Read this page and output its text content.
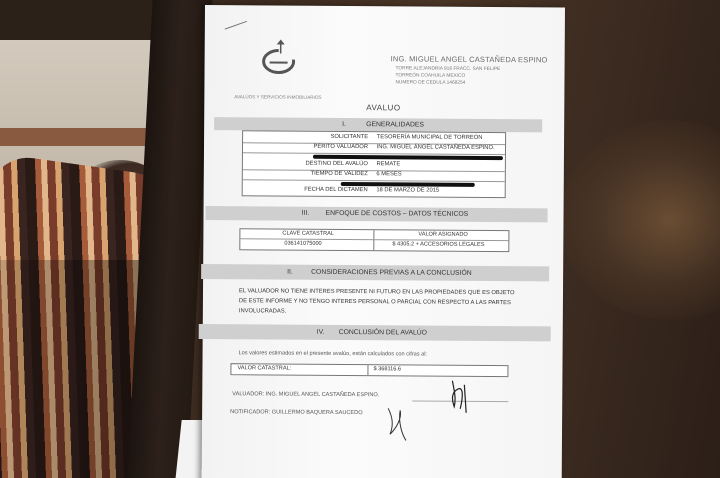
ING. MIGUEL ANGEL CASTAÑEDA ESPINO
TORRE ALEJANDRIA 916 FRACC. SAN FELIPE
TORREÓN COAHUILA MEXICO
NUMERO DE CEDULA 1468254
AVALÚOS Y SERVICIOS INMOBILIARIOS
AVALUO
I.	GENERALIDADES
SOLICITANTE TESORERÍA MUNICIPAL DE TORREÓN
PERITO VALUADOR ING. MIGUEL ÁNGEL CASTAÑEDA ESPINO.
DESTINO DEL AVALÚO REMATE
TIEMPO DE VALIDEZ 6 MESES
FECHA DEL DICTAMEN 18 DE MARZO DE 2015
III. ENFOQUE DE COSTOS – DATOS TÉCNICOS
CLAVE CATASTRAL	VALOR ASIGNADO
036141075000	$ 4305.2 + ACCESORIOS LEGALES
II.	CONSIDERACIONES PREVIAS A LA CONCLUSIÓN
EL VALUADOR NO TIENE INTERES PRESENTE NI FUTURO EN LAS PROPIEDADES QUE ES OBJETO DE ESTE INFORME Y NO TENGO INTERES PERSONAL O PARCIAL CON RESPECTO A LAS PARTES INVOLUCRADAS.
IV. CONCLUSIÓN DEL AVALÚO
Los valores estimados en el presente avalúo, están calculados con cifras al:
VALOR CATASTRAL:	$ 368116.6
VALUADOR: ING. MIGUEL ANGEL CASTAÑEDA ESPINO.
NOTIFICADOR: GUILLERMO BAQUERA SAUCEDO
